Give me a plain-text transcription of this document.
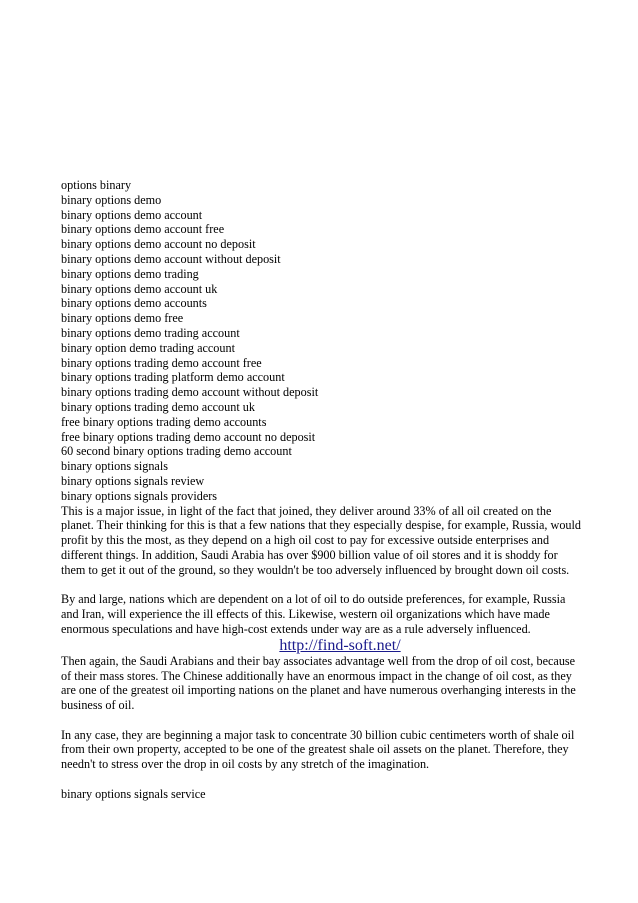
options binary
binary options demo
binary options demo account
binary options demo account free
binary options demo account no deposit
binary options demo account without deposit
binary options demo trading
binary options demo account uk
binary options demo accounts
binary options demo free
binary options demo trading account
binary option demo trading account
binary options trading demo account free
binary options trading platform demo account
binary options trading demo account without deposit
binary options trading demo account uk
free binary options trading demo accounts
free binary options trading demo account no deposit
60 second binary options trading demo account
binary options signals
binary options signals review
binary options signals providers

This is a major issue, in light of the fact that joined, they deliver around 33% of all oil created on the planet. Their thinking for this is that a few nations that they especially despise, for example, Russia, would profit by this the most, as they depend on a high oil cost to pay for excessive outside enterprises and different things. In addition, Saudi Arabia has over $900 billion value of oil stores and it is shoddy for them to get it out of the ground, so they wouldn't be too adversely influenced by brought down oil costs.

By and large, nations which are dependent on a lot of oil to do outside preferences, for example, Russia and Iran, will experience the ill effects of this. Likewise, western oil organizations which have made enormous speculations and have high-cost extends under way are as a rule adversely influenced.

http://find-soft.net/

Then again, the Saudi Arabians and their bay associates advantage well from the drop of oil cost, because of their mass stores. The Chinese additionally have an enormous impact in the change of oil cost, as they are one of the greatest oil importing nations on the planet and have numerous overhanging interests in the business of oil.

In any case, they are beginning a major task to concentrate 30 billion cubic centimeters worth of shale oil from their own property, accepted to be one of the greatest shale oil assets on the planet. Therefore, they needn't to stress over the drop in oil costs by any stretch of the imagination.

binary options signals service
